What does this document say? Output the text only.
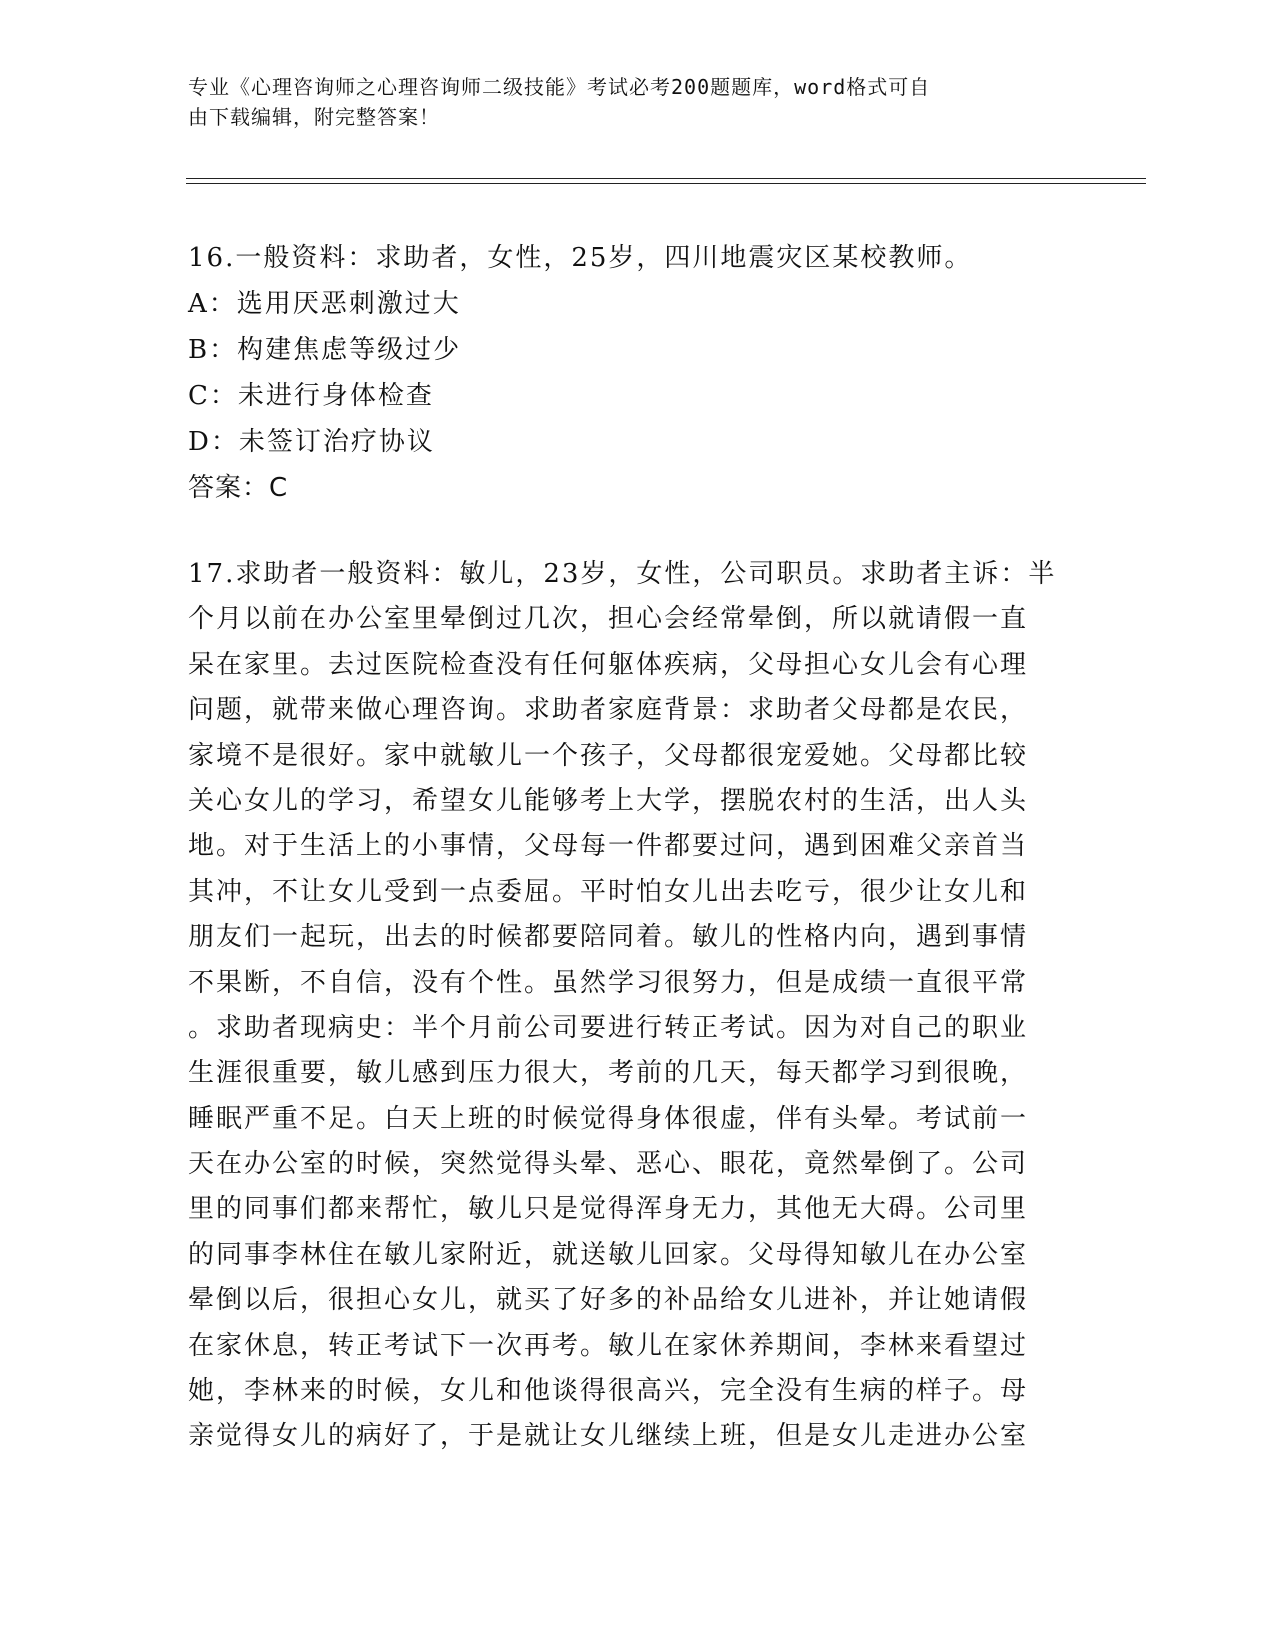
专业《心理咨询师之心理咨询师二级技能》考试必考200题题库，word格式可自
由下载编辑，附完整答案！
16.一般资料：求助者，女性，25岁，四川地震灾区某校教师。
A：选用厌恶刺激过大
B：构建焦虑等级过少
C：未进行身体检查
D：未签订治疗协议
答案：C
17.求助者一般资料：敏儿，23岁，女性，公司职员。求助者主诉：半
个月以前在办公室里晕倒过几次，担心会经常晕倒，所以就请假一直
呆在家里。去过医院检查没有任何躯体疾病，父母担心女儿会有心理
问题，就带来做心理咨询。求助者家庭背景：求助者父母都是农民，
家境不是很好。家中就敏儿一个孩子，父母都很宠爱她。父母都比较
关心女儿的学习，希望女儿能够考上大学，摆脱农村的生活，出人头
地。对于生活上的小事情，父母每一件都要过问，遇到困难父亲首当
其冲，不让女儿受到一点委屈。平时怕女儿出去吃亏，很少让女儿和
朋友们一起玩，出去的时候都要陪同着。敏儿的性格内向，遇到事情
不果断，不自信，没有个性。虽然学习很努力，但是成绩一直很平常
。求助者现病史：半个月前公司要进行转正考试。因为对自己的职业
生涯很重要，敏儿感到压力很大，考前的几天，每天都学习到很晚，
睡眠严重不足。白天上班的时候觉得身体很虚，伴有头晕。考试前一
天在办公室的时候，突然觉得头晕、恶心、眼花，竟然晕倒了。公司
里的同事们都来帮忙，敏儿只是觉得浑身无力，其他无大碍。公司里
的同事李林住在敏儿家附近，就送敏儿回家。父母得知敏儿在办公室
晕倒以后，很担心女儿，就买了好多的补品给女儿进补，并让她请假
在家休息，转正考试下一次再考。敏儿在家休养期间，李林来看望过
她，李林来的时候，女儿和他谈得很高兴，完全没有生病的样子。母
亲觉得女儿的病好了，于是就让女儿继续上班，但是女儿走进办公室
